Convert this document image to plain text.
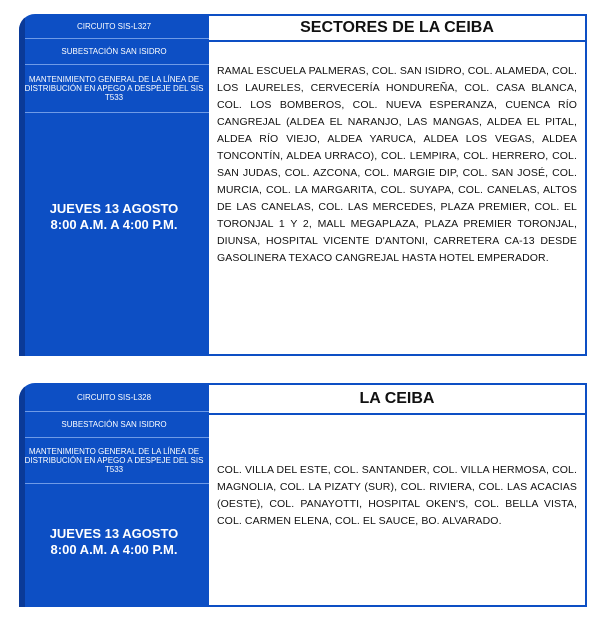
CIRCUITO SIS-L327
SUBESTACIÓN SAN ISIDRO
MANTENIMIENTO GENERAL DE LA LÍNEA DE DISTRIBUCIÓN EN APEGO A DESPEJE DEL SIS T533
JUEVES 13 AGOSTO
8:00 A.M. A 4:00 P.M.
SECTORES DE LA CEIBA
RAMAL ESCUELA PALMERAS, COL. SAN ISIDRO, COL. ALAMEDA, COL. LOS LAURELES, CERVECERÍA HONDUREÑA, COL. CASA BLANCA, COL. LOS BOMBEROS, COL. NUEVA ESPERANZA, CUENCA RÍO CANGREJAL (ALDEA EL NARANJO, LAS MANGAS, ALDEA EL PITAL, ALDEA RÍO VIEJO, ALDEA YARUCA, ALDEA LOS VEGAS, ALDEA TONCONTÍN, ALDEA URRACO), COL. LEMPIRA, COL. HERRERO, COL. SAN JUDAS, COL. AZCONA, COL. MARGIE DIP, COL. SAN JOSÉ, COL. MURCIA, COL. LA MARGARITA, COL. SUYAPA, COL. CANELAS, ALTOS DE LAS CANELAS, COL. LAS MERCEDES, PLAZA PREMIER, COL. EL TORONJAL 1 Y 2, MALL MEGAPLAZA, PLAZA PREMIER TORONJAL, DIUNSA, HOSPITAL VICENTE D'ANTONI, CARRETERA CA-13 DESDE GASOLINERA TEXACO CANGREJAL HASTA HOTEL EMPERADOR.
CIRCUITO SIS-L328
SUBESTACIÓN SAN ISIDRO
MANTENIMIENTO GENERAL DE LA LÍNEA DE DISTRIBUCIÓN EN APEGO A DESPEJE DEL SIS T533
JUEVES 13 AGOSTO
8:00 A.M. A 4:00 P.M.
LA CEIBA
COL. VILLA DEL ESTE, COL. SANTANDER, COL. VILLA HERMOSA, COL. MAGNOLIA, COL. LA PIZATY (SUR), COL. RIVIERA, COL. LAS ACACIAS (OESTE), COL. PANAYOTTI, HOSPITAL OKEN'S, COL. BELLA VISTA, COL. CARMEN ELENA, COL. EL SAUCE, BO. ALVARADO.
